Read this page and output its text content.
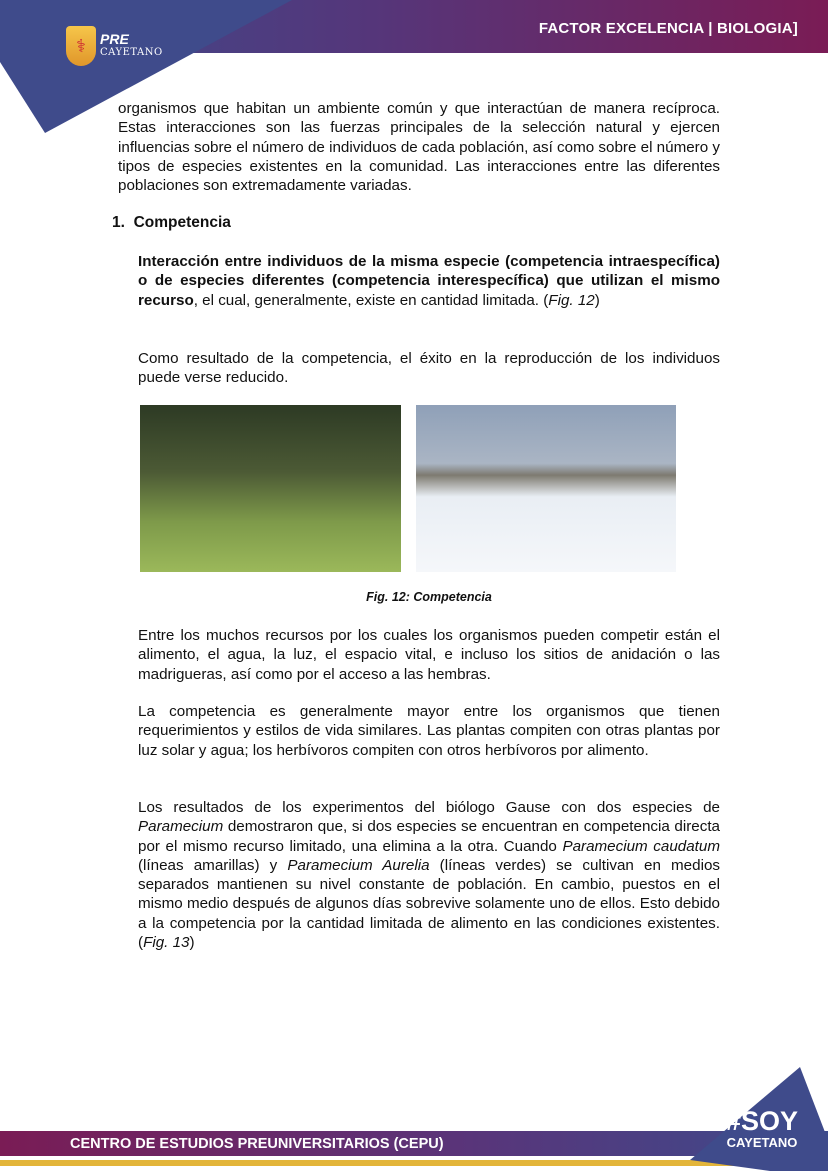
⚕	PRE
CAYETANO
FACTOR EXCELENCIA | BIOLOGIA]

organismos que habitan un ambiente común y que interactúan de manera recíproca. Estas interacciones son las fuerzas principales de la selección natural y ejercen influencias sobre el número de individuos de cada población, así como sobre el número y tipos de especies existentes en la comunidad. Las interacciones entre las diferentes poblaciones son extremadamente variadas.

1. Competencia

Interacción entre individuos de la misma especie (competencia intraespecífica) o de especies diferentes (competencia interespecífica) que utilizan el mismo recurso, el cual, generalmente, existe en cantidad limitada. (Fig. 12)

Como resultado de la competencia, el éxito en la reproducción de los individuos puede verse reducido.

Fig. 12: Competencia

Entre los muchos recursos por los cuales los organismos pueden competir están el alimento, el agua, la luz, el espacio vital, e incluso los sitios de anidación o las madrigueras, así como por el acceso a las hembras.

La competencia es generalmente mayor entre los organismos que tienen requerimientos y estilos de vida similares. Las plantas compiten con otras plantas por luz solar y agua; los herbívoros compiten con otros herbívoros por alimento.

Los resultados de los experimentos del biólogo Gause con dos especies de Paramecium demostraron que, si dos especies se encuentran en competencia directa por el mismo recurso limitado, una elimina a la otra. Cuando Paramecium caudatum (líneas amarillas) y Paramecium Aurelia (líneas verdes) se cultivan en medios separados mantienen su nivel constante de población. En cambio, puestos en el mismo medio después de algunos días sobrevive solamente uno de ellos. Esto debido a la competencia por la cantidad limitada de alimento en las condiciones existentes. (Fig. 13)

CENTRO DE ESTUDIOS PREUNIVERSITARIOS (CEPU)
#SOY
CAYETANO
